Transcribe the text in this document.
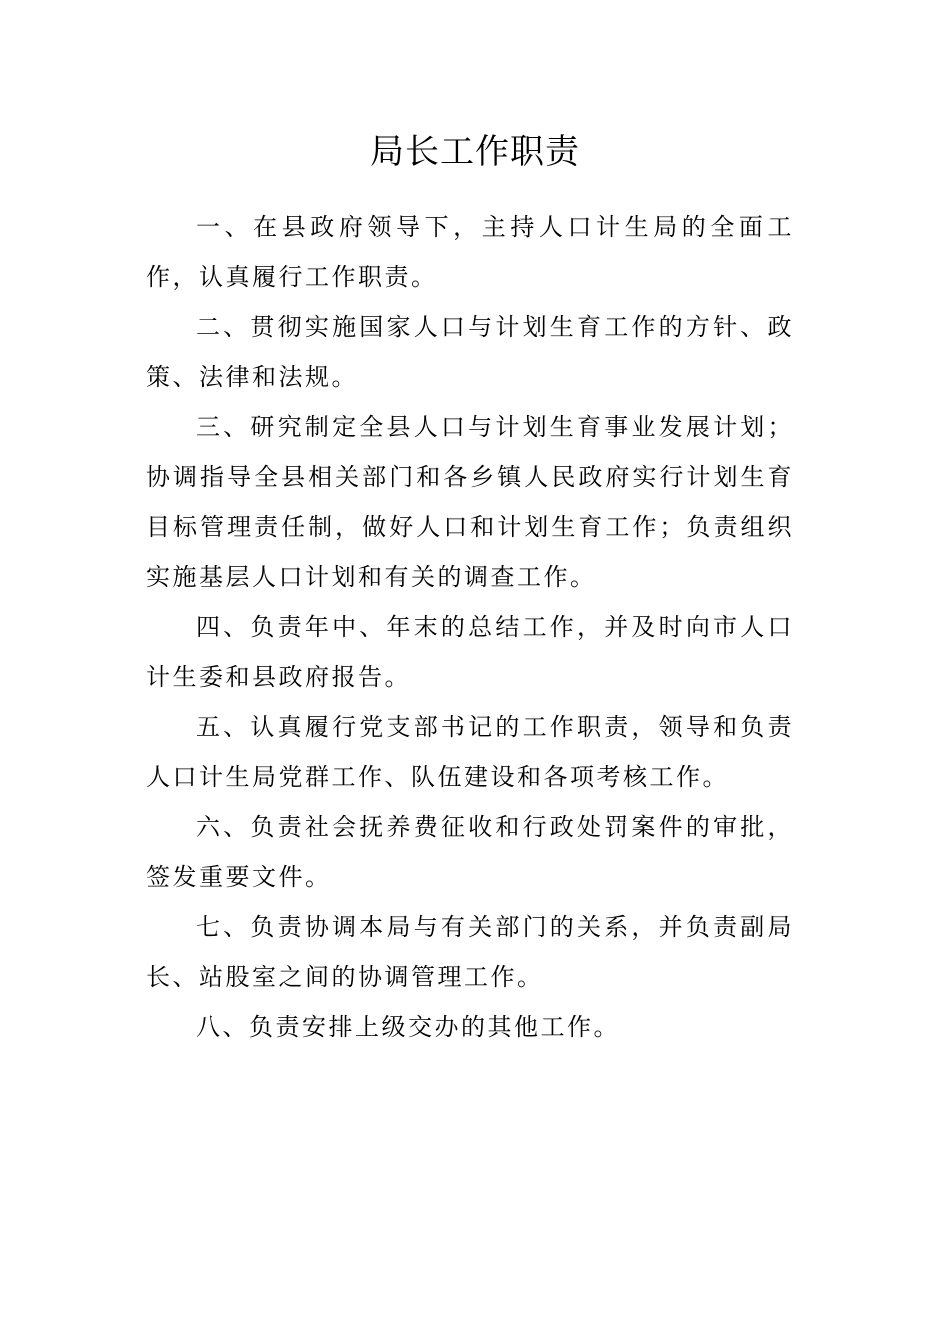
局长工作职责

一、在县政府领导下，主持人口计生局的全面工作，认真履行工作职责。

二、贯彻实施国家人口与计划生育工作的方针、政策、法律和法规。

三、研究制定全县人口与计划生育事业发展计划；协调指导全县相关部门和各乡镇人民政府实行计划生育目标管理责任制，做好人口和计划生育工作；负责组织实施基层人口计划和有关的调查工作。

四、负责年中、年末的总结工作，并及时向市人口计生委和县政府报告。

五、认真履行党支部书记的工作职责，领导和负责人口计生局党群工作、队伍建设和各项考核工作。

六、负责社会抚养费征收和行政处罚案件的审批，签发重要文件。

七、负责协调本局与有关部门的关系，并负责副局长、站股室之间的协调管理工作。

八、负责安排上级交办的其他工作。
